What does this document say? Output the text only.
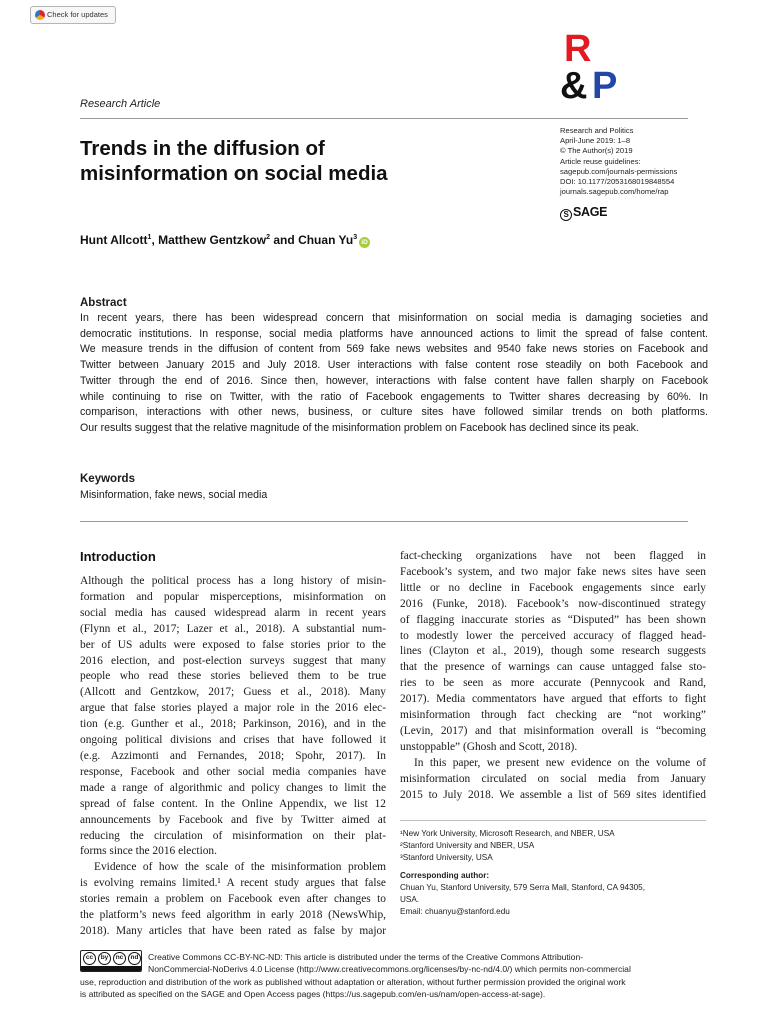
Check for updates
R
& P
Research Article
Trends in the diffusion of
misinformation on social media
Research and Politics
April-June 2019: 1–8
© The Author(s) 2019
Article reuse guidelines:
sagepub.com/journals-permissions
DOI: 10.1177/2053168019848554
journals.sagepub.com/home/rap
S SAGE
Hunt Allcott$^1$, Matthew Gentzkow$^2$ and Chuan Yu$^3$iD
Abstract
In recent years, there has been widespread concern that misinformation on social media is damaging societies and
democratic institutions. In response, social media platforms have announced actions to limit the spread of false content.
We measure trends in the diffusion of content from 569 fake news websites and 9540 fake news stories on Facebook and
Twitter between January 2015 and July 2018. User interactions with false content rose steadily on both Facebook and
Twitter through the end of 2016. Since then, however, interactions with false content have fallen sharply on Facebook
while continuing to rise on Twitter, with the ratio of Facebook engagements to Twitter shares decreasing by 60%. In
comparison, interactions with other news, business, or culture sites have followed similar trends on both platforms.
Our results suggest that the relative magnitude of the misinformation problem on Facebook has declined since its peak.
Keywords
Misinformation, fake news, social media
Introduction
Although the political process has a long history of misin-
formation and popular misperceptions, misinformation on
social media has caused widespread alarm in recent years
(Flynn et al., 2017; Lazer et al., 2018). A substantial num-
ber of US adults were exposed to false stories prior to the
2016 election, and post-election surveys suggest that many
people who read these stories believed them to be true
(Allcott and Gentzkow, 2017; Guess et al., 2018). Many
argue that false stories played a major role in the 2016 elec-
tion (e.g. Gunther et al., 2018; Parkinson, 2016), and in the
ongoing political divisions and crises that have followed it
(e.g. Azzimonti and Fernandes, 2018; Spohr, 2017). In
response, Facebook and other social media companies have
made a range of algorithmic and policy changes to limit the
spread of false content. In the Online Appendix, we list 12
announcements by Facebook and five by Twitter aimed at
reducing the circulation of misinformation on their plat-
forms since the 2016 election.
Evidence of how the scale of the misinformation problem
is evolving remains limited.¹ A recent study argues that false
stories remain a problem on Facebook even after changes to
the platform’s news feed algorithm in early 2018 (NewsWhip,
2018). Many articles that have been rated as false by major
fact-checking organizations have not been flagged in
Facebook’s system, and two major fake news sites have seen
little or no decline in Facebook engagements since early
2016 (Funke, 2018). Facebook’s now-discontinued strategy
of flagging inaccurate stories as “Disputed” has been shown
to modestly lower the perceived accuracy of flagged head-
lines (Clayton et al., 2019), though some research suggests
that the presence of warnings can cause untagged false sto-
ries to be seen as more accurate (Pennycook and Rand,
2017). Media commentators have argued that efforts to fight
misinformation through fact checking are “not working”
(Levin, 2017) and that misinformation overall is “becoming
unstoppable” (Ghosh and Scott, 2018).
In this paper, we present new evidence on the volume of
misinformation circulated on social media from January
2015 to July 2018. We assemble a list of 569 sites identified
¹New York University, Microsoft Research, and NBER, USA
²Stanford University and NBER, USA
³Stanford University, USA
Corresponding author:
Chuan Yu, Stanford University, 579 Serra Mall, Stanford, CA 94305,
USA.
Email: chuanyu@stanford.edu
cc	by	nc	nd	Creative Commons CC-BY-NC-ND: This article is distributed under the terms of the Creative Commons Attribution-
NonCommercial-NoDerivs 4.0 License (http://www.creativecommons.org/licenses/by-nc-nd/4.0/) which permits non-commercial
use, reproduction and distribution of the work as published without adaptation or alteration, without further permission provided the original work
is attributed as specified on the SAGE and Open Access pages (https://us.sagepub.com/en-us/nam/open-access-at-sage).
